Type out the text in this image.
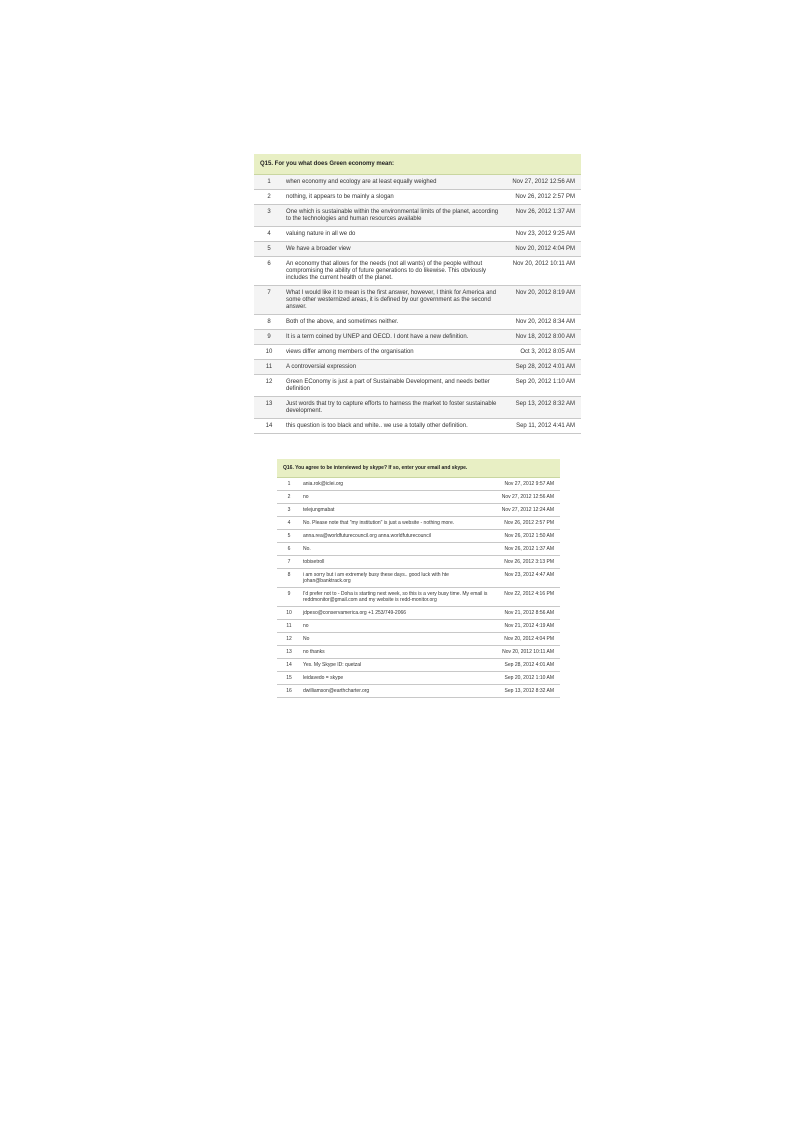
Q15. For you what does Green economy mean:		
1	when economy and ecology are at least equally weighed	Nov 27, 2012 12:56 AM
2	nothing, it appears to be mainly a slogan	Nov 26, 2012 2:57 PM
3	One which is sustainable within the environmental limits of the planet, according to the technologies and human resources available	Nov 26, 2012 1:37 AM
4	valuing nature in all we do	Nov 23, 2012 9:25 AM
5	We have a broader view	Nov 20, 2012 4:04 PM
6	An economy that allows for the needs (not all wants) of the people without compromising the ability of future generations to do likewise. This obviously includes the current health of the planet.	Nov 20, 2012 10:11 AM
7	What I would like it to mean is the first answer, however, I think for America and some other westernized areas, it is defined by our government as the second answer.	Nov 20, 2012 8:19 AM
8	Both of the above, and sometimes neither.	Nov 20, 2012 8:34 AM
9	It is a term coined by UNEP and OECD. I dont have a new definition.	Nov 18, 2012 8:00 AM
10	views differ among members of the organisation	Oct 3, 2012 8:05 AM
11	A controversial expression	Sep 28, 2012 4:01 AM
12	Green EConomy is just a part of Sustainable Development, and needs better definition	Sep 20, 2012 1:10 AM
13	Just words that try to capture efforts to harness the market to foster sustainable development.	Sep 13, 2012 8:32 AM
14	this question is too black and white.. we use a totally other definition.	Sep 11, 2012 4:41 AM
Q16. You agree to be interviewed by skype? If so, enter your email and skype.		
1	ania.rok@iclei.org	Nov 27, 2012 9:57 AM
2	no	Nov 27, 2012 12:56 AM
3	telejungmabat	Nov 27, 2012 12:24 AM
4	No. Please note that "my institution" is just a website - nothing more.	Nov 26, 2012 2:57 PM
5	anna.rea@worldfuturecouncil.org anna.worldfuturecouncil	Nov 26, 2012 1:50 AM
6	No.	Nov 26, 2012 1:37 AM
7	tobisetroll	Nov 26, 2012 3:13 PM
8	i am sorry but i am extremely busy these days.. good luck with hte johan@banktrack.org	Nov 23, 2012 4:47 AM
9	I'd prefer not to - Doha is starting next week, so this is a very busy time. My email is reddmonitor@gmail.com and my website is redd-monitor.org	Nov 22, 2012 4:16 PM
10	jdpeso@conservamerica.org +1 253/749-2066	Nov 21, 2012 8:56 AM
11	no	Nov 21, 2012 4:19 AM
12	No	Nov 20, 2012 4:04 PM
13	no thanks	Nov 20, 2012 10:11 AM
14	Yes. My Skype ID: quetzal	Sep 28, 2012 4:01 AM
15	leidavedo = skype	Sep 20, 2012 1:10 AM
16	dwilliamson@earthcharter.org	Sep 13, 2012 8:32 AM
